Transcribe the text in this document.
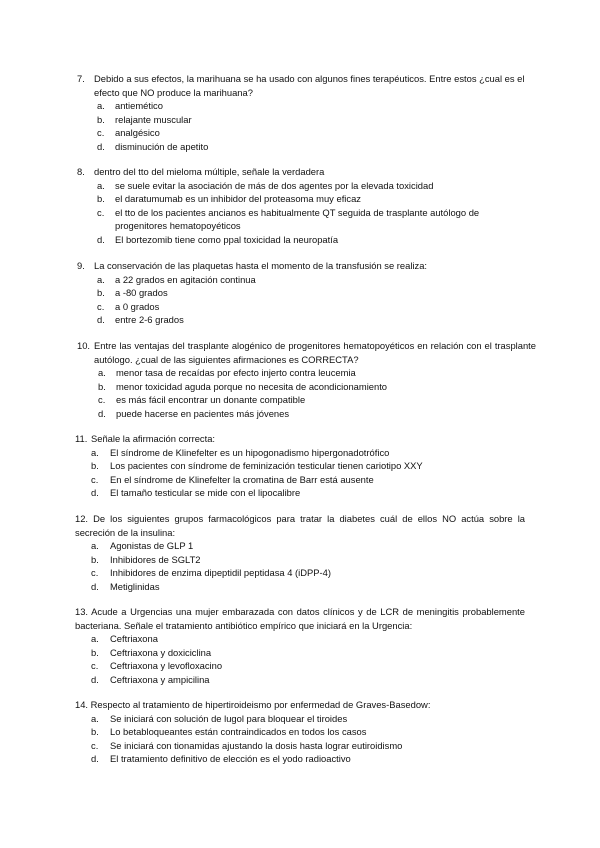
7. Debido a sus efectos, la marihuana se ha usado con algunos fines terapéuticos. Entre estos ¿cual es el efecto que NO produce la marihuana?
a. antiemético
b. relajante muscular
c. analgésico
d. disminución de apetito
8. dentro del tto del mieloma múltiple, señale la verdadera
a. se suele evitar la asociación de más de dos agentes por la elevada toxicidad
b. el daratumumab es un inhibidor del proteasoma muy eficaz
c. el tto de los pacientes ancianos es habitualmente QT seguida de trasplante autólogo de progenitores hematopoyéticos
d. El bortezomib tiene como ppal toxicidad la neuropatía
9. La conservación de las plaquetas hasta el momento de la transfusión se realiza:
a. a 22 grados en agitación continua
b. a -80 grados
c. a 0 grados
d. entre 2-6 grados
10. Entre las ventajas del trasplante alogénico de progenitores hematopoyéticos en relación con el trasplante autólogo. ¿cual de las siguientes afirmaciones es CORRECTA?
a. menor tasa de recaídas por efecto injerto contra leucemia
b. menor toxicidad aguda porque no necesita de acondicionamiento
c. es más fácil encontrar un donante compatible
d. puede hacerse en pacientes más jóvenes
11. Señale la afirmación correcta:
a. El síndrome de Klinefelter es un hipogonadismo hipergonadotrófico
b. Los pacientes con síndrome de feminización testicular tienen cariotipo XXY
c. En el síndrome de Klinefelter la cromatina de Barr está ausente
d. El tamaño testicular se mide con el lipocalibre
12. De los siguientes grupos farmacológicos para tratar la diabetes cuál de ellos NO actúa sobre la secreción de la insulina:
a. Agonistas de GLP 1
b. Inhibidores de SGLT2
c. Inhibidores de enzima dipeptidil peptidasa 4 (iDPP-4)
d. Metiglinidas
13. Acude a Urgencias una mujer embarazada con datos clínicos y de LCR de meningitis probablemente bacteriana. Señale el tratamiento antibiótico empírico que iniciará en la Urgencia:
a. Ceftriaxona
b. Ceftriaxona y doxiciclina
c. Ceftriaxona y levofloxacino
d. Ceftriaxona y ampicilina
14. Respecto al tratamiento de hipertiroideismo por enfermedad de Graves-Basedow:
a. Se iniciará con solución de lugol para bloquear el tiroides
b. Lo betabloqueantes están contraindicados en todos los casos
c. Se iniciará con tionamidas ajustando la dosis hasta lograr eutiroidismo
d. El tratamiento definitivo de elección es el yodo radioactivo
